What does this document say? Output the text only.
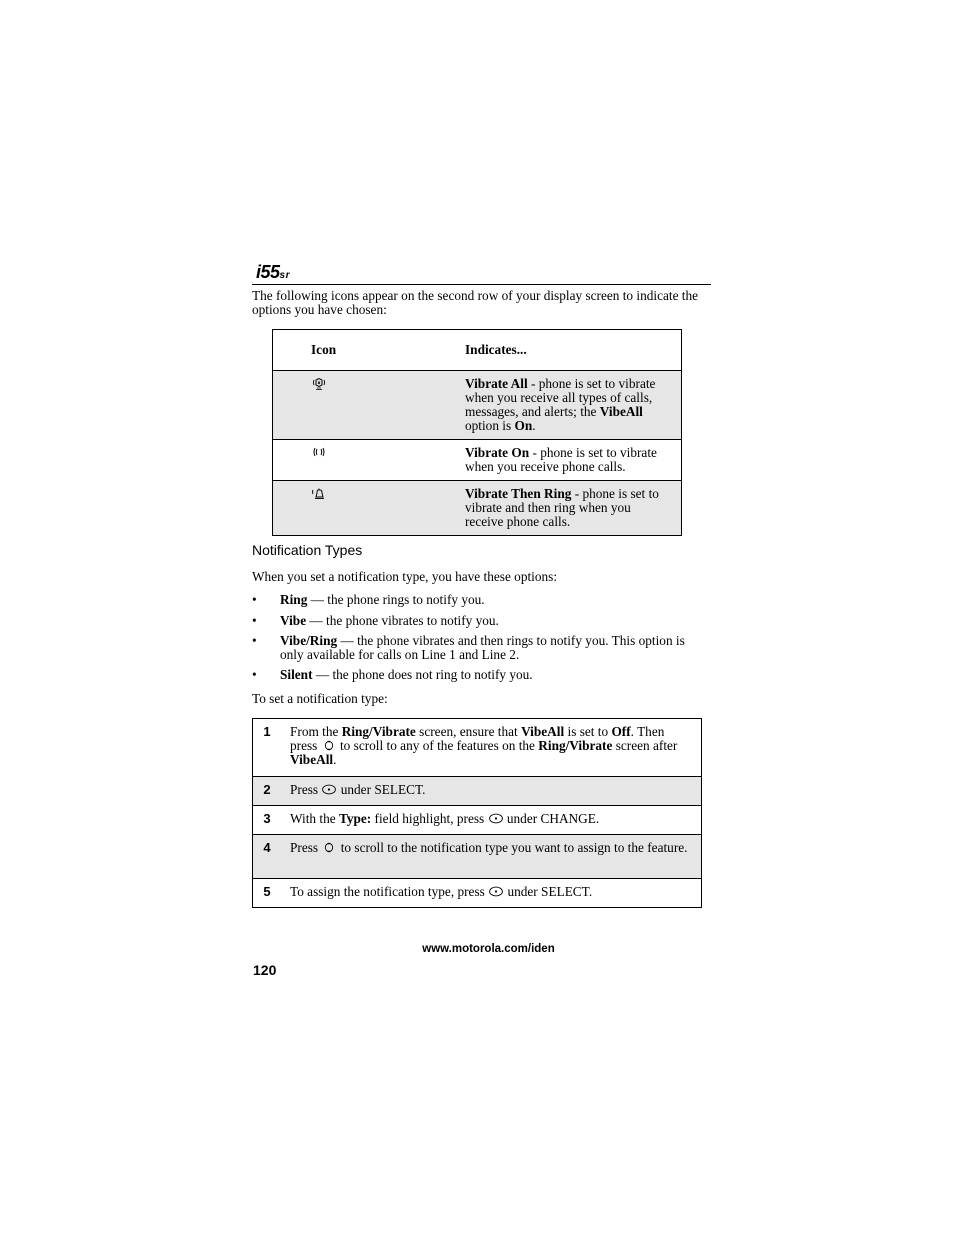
i55sr
The following icons appear on the second row of your display screen to indicate the options you have chosen:
Icon	Indicates...
	Vibrate All - phone is set to vibrate when you receive all types of calls, messages, and alerts; the VibeAll option is On.
	Vibrate On - phone is set to vibrate when you receive phone calls.
	Vibrate Then Ring - phone is set to vibrate and then ring when you receive phone calls.
Notification Types
When you set a notification type, you have these options:
• Ring — the phone rings to notify you.
• Vibe — the phone vibrates to notify you.
• Vibe/Ring — the phone vibrates and then rings to notify you. This option is only available for calls on Line 1 and Line 2.
• Silent — the phone does not ring to notify you.
To set a notification type:
1	From the Ring/Vibrate screen, ensure that VibeAll is set to Off. Then press  to scroll to any of the features on the Ring/Vibrate screen after VibeAll.
2	Press  under SELECT.
3	With the Type: field highlight, press  under CHANGE.
4	Press  to scroll to the notification type you want to assign to the feature.
5	To assign the notification type, press  under SELECT.
www.motorola.com/iden
120
